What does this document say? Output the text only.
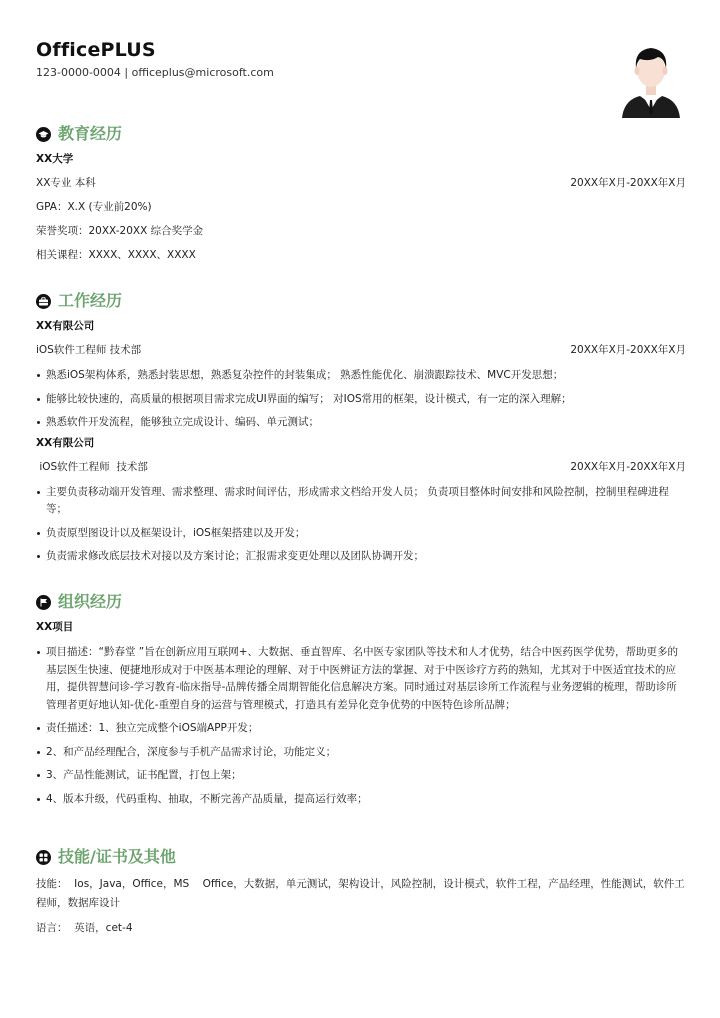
OfficePLUS
123-0000-0004 | officeplus@microsoft.com
教育经历
XX大学
XX专业 本科	20XX年X月-20XX年X月
GPA：X.X (专业前20%)
荣誉奖项：20XX-20XX 综合奖学金
相关课程：XXXX、XXXX、XXXX
工作经历
XX有限公司
iOS软件工程师 技术部	20XX年X月-20XX年X月
熟悉iOS架构体系，熟悉封装思想，熟悉复杂控件的封装集成； 熟悉性能优化、崩溃跟踪技术、MVC开发思想；
能够比较快速的，高质量的根据项目需求完成UI界面的编写； 对IOS常用的框架，设计模式，有一定的深入理解；
熟悉软件开发流程，能够独立完成设计、编码、单元测试；
XX有限公司
iOS软件工程师  技术部	20XX年X月-20XX年X月
主要负责移动端开发管理、需求整理、需求时间评估，形成需求文档给开发人员； 负责项目整体时间安排和风险控制，控制里程碑进程等；
负责原型图设计以及框架设计，iOS框架搭建以及开发；
负责需求修改底层技术对接以及方案讨论；汇报需求变更处理以及团队协调开发；
组织经历
XX项目
项目描述：“黔春堂 ”旨在创新应用互联网+、大数据、垂直智库、名中医专家团队等技术和人才优势，结合中医药医学优势，帮助更多的基层医生快速、便捷地形成对于中医基本理论的理解、对于中医辨证方法的掌握、对于中医诊疗方药的熟知，尤其对于中医适宜技术的应用，提供智慧问诊-学习教育-临床指导-品牌传播全周期智能化信息解决方案。同时通过对基层诊所工作流程与业务逻辑的梳理，帮助诊所管理者更好地认知-优化-重塑自身的运营与管理模式，打造具有差异化竞争优势的中医特色诊所品牌；
责任描述：1、独立完成整个iOS端APP开发；
2、和产品经理配合，深度参与手机产品需求讨论，功能定义；
3、产品性能测试，证书配置，打包上架；
4、版本升级，代码重构、抽取，不断完善产品质量，提高运行效率；
技能/证书及其他
技能：  Ios，Java，Office，MS    Office，大数据，单元测试，架构设计，风险控制，设计模式，软件工程，产品经理，性能测试，软件工程师，数据库设计
语言：  英语，cet-4
